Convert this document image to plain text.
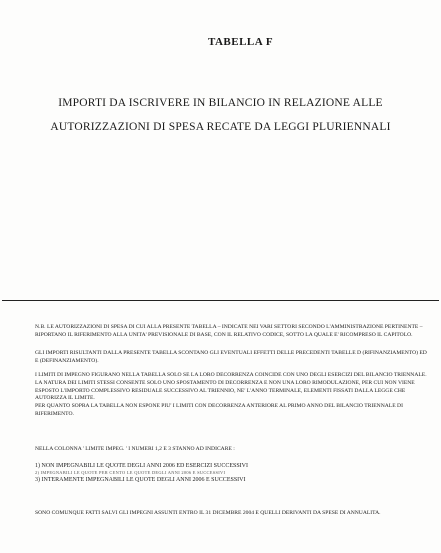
TABELLA F
IMPORTI DA ISCRIVERE IN BILANCIO IN RELAZIONE ALLE
AUTORIZZAZIONI DI SPESA RECATE DA LEGGI PLURIENNALI

N.B. LE AUTORIZZAZIONI DI SPESA DI CUI ALLA PRESENTE TABELLA – INDICATE NEI VARI SETTORI SECONDO L'AMMINISTRAZIONE PERTINENTE – RIPORTANO IL RIFERIMENTO ALLA UNITA' PREVISIONALE DI BASE, CON IL RELATIVO CODICE, SOTTO LA QUALE E' RICOMPRESO IL CAPITOLO.

GLI IMPORTI RISULTANTI DALLA PRESENTE TABELLA SCONTANO GLI EVENTUALI EFFETTI DELLE PRECEDENTI TABELLE D (RIFINANZIAMENTO) ED E (DEFINANZIAMENTO).

I LIMITI DI IMPEGNO FIGURANO NELLA TABELLA SOLO SE LA LORO DECORRENZA COINCIDE CON UNO DEGLI ESERCIZI DEL BILANCIO TRIENNALE.

LA NATURA DEI LIMITI STESSI CONSENTE SOLO UNO SPOSTAMENTO DI DECORRENZA E NON UNA LORO RIMODULAZIONE, PER CUI NON VIENE ESPOSTO L'IMPORTO COMPLESSIVO RESIDUALE SUCCESSIVO AL TRIENNIO, NE' L'ANNO TERMINALE, ELEMENTI FISSATI DALLA LEGGE CHE AUTORIZZA IL LIMITE.

PER QUANTO SOPRA LA TABELLA NON ESPONE PIU' I LIMITI CON DECORRENZA ANTERIORE AL PRIMO ANNO DEL BILANCIO TRIENNALE DI RIFERIMENTO.

NELLA COLONNA ' LIMITE IMPEG. ' I NUMERI 1,2 E 3 STANNO AD INDICARE :

1) NON IMPEGNABILI LE QUOTE DEGLI ANNI 2006 ED ESERCIZI SUCCESSIVI

2) IMPEGNABILI LE QUOTE PER CENTO LE QUOTE DEGLI ANNI 2006 E SUCCESSIVI

3) INTERAMENTE IMPEGNABILI LE QUOTE DEGLI ANNI 2006 E SUCCESSIVI

SONO COMUNQUE FATTI SALVI GLI IMPEGNI ASSUNTI ENTRO IL 31 DICEMBRE 2004 E QUELLI DERIVANTI DA SPESE DI ANNUALITA.
